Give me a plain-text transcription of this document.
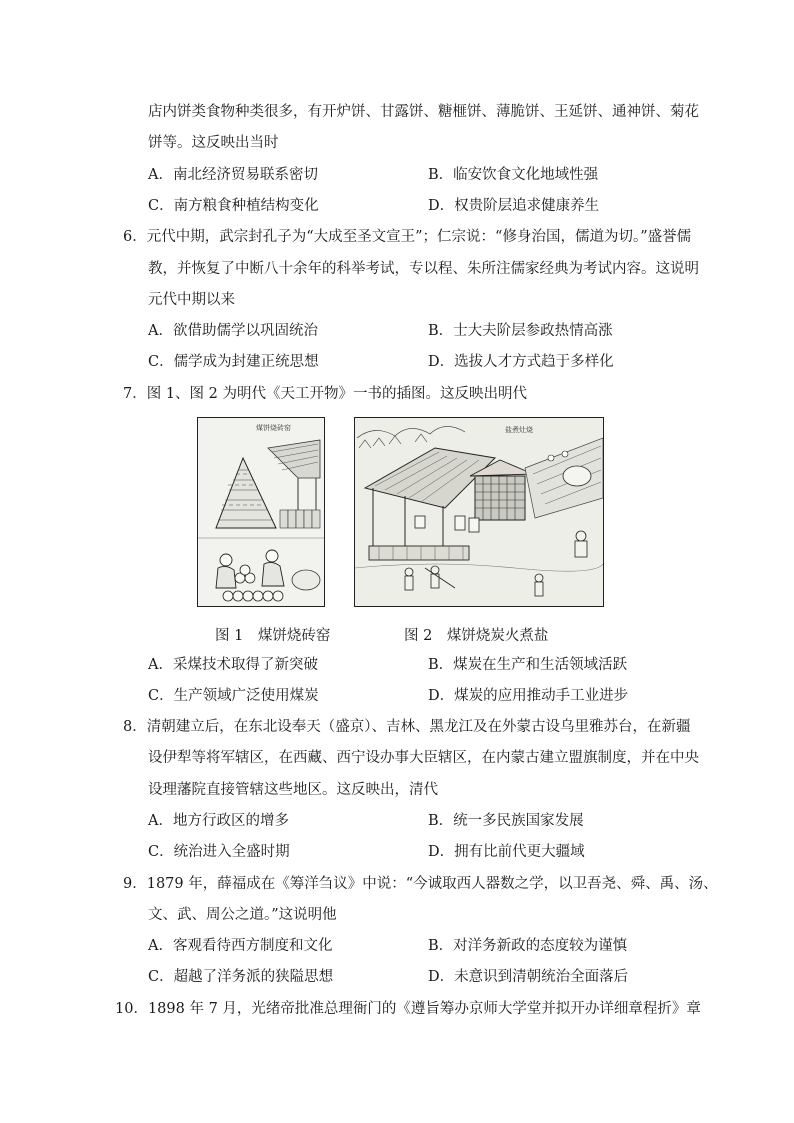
店内饼类食物种类很多，有开炉饼、甘露饼、糖榧饼、薄脆饼、王延饼、通神饼、菊花
饼等。这反映出当时
A．南北经济贸易联系密切	B．临安饮食文化地域性强
C．南方粮食种植结构变化	D．权贵阶层追求健康养生
6．元代中期，武宗封孔子为“大成至圣文宣王”；仁宗说：“修身治国，儒道为切。”盛誉儒
教，并恢复了中断八十余年的科举考试，专以程、朱所注儒家经典为考试内容。这说明
元代中期以来
A．欲借助儒学以巩固统治	B．士大夫阶层参政热情高涨
C．儒学成为封建正统思想	D．选拔人才方式趋于多样化
7．图 1、图 2 为明代《天工开物》一书的插图。这反映出明代
煤饼烧砖窑	盐煮灶烧
图 1　煤饼烧砖窑	图 2　煤饼烧炭火煮盐
A．采煤技术取得了新突破	B．煤炭在生产和生活领域活跃
C．生产领域广泛使用煤炭	D．煤炭的应用推动手工业进步
8．清朝建立后，在东北设奉天（盛京）、吉林、黑龙江及在外蒙古设乌里雅苏台，在新疆
设伊犁等将军辖区，在西藏、西宁设办事大臣辖区，在内蒙古建立盟旗制度，并在中央
设理藩院直接管辖这些地区。这反映出，清代
A．地方行政区的增多	B．统一多民族国家发展
C．统治进入全盛时期	D．拥有比前代更大疆域
9．1879 年，薛福成在《筹洋刍议》中说：“今诚取西人器数之学，以卫吾尧、舜、禹、汤、
文、武、周公之道。”这说明他
A．客观看待西方制度和文化	B．对洋务新政的态度较为谨慎
C．超越了洋务派的狭隘思想	D．未意识到清朝统治全面落后
10．1898 年 7 月，光绪帝批准总理衙门的《遵旨筹办京师大学堂并拟开办详细章程折》章
